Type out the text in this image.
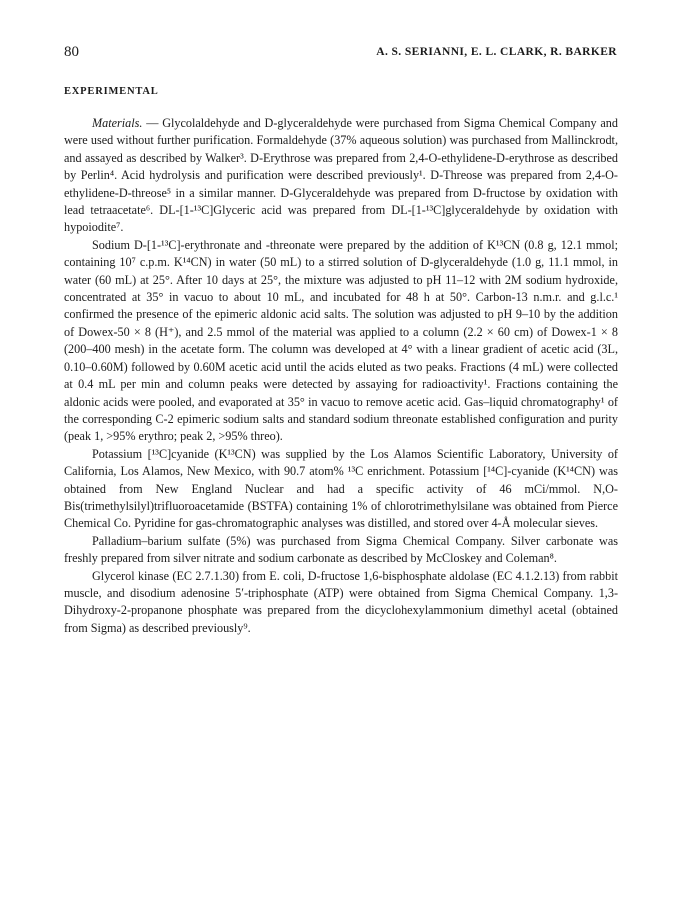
80	A. S. SERIANNI, E. L. CLARK, R. BARKER
EXPERIMENTAL

Materials. — Glycolaldehyde and D-glyceraldehyde were purchased from Sigma Chemical Company and were used without further purification. Formaldehyde (37% aqueous solution) was purchased from Mallinckrodt, and assayed as described by Walker³. D-Erythrose was prepared from 2,4-O-ethylidene-D-erythrose as described by Perlin⁴. Acid hydrolysis and purification were described previously¹. D-Threose was prepared from 2,4-O-ethylidene-D-threose⁵ in a similar manner. D-Glyceraldehyde was prepared from D-fructose by oxidation with lead tetraacetate⁶. DL-[1-¹³C]Glyceric acid was prepared from DL-[1-¹³C]glyceraldehyde by oxidation with hypoiodite⁷.

Sodium D-[1-¹³C]-erythronate and -threonate were prepared by the addition of K¹³CN (0.8 g, 12.1 mmol; containing 10⁷ c.p.m. K¹⁴CN) in water (50 mL) to a stirred solution of D-glyceraldehyde (1.0 g, 11.1 mmol, in water (60 mL) at 25°. After 10 days at 25°, the mixture was adjusted to pH 11–12 with 2M sodium hydroxide, concentrated at 35° in vacuo to about 10 mL, and incubated for 48 h at 50°. Carbon-13 n.m.r. and g.l.c.¹ confirmed the presence of the epimeric aldonic acid salts. The solution was adjusted to pH 9–10 by the addition of Dowex-50 × 8 (H⁺), and 2.5 mmol of the material was applied to a column (2.2 × 60 cm) of Dowex-1 × 8 (200–400 mesh) in the acetate form. The column was developed at 4° with a linear gradient of acetic acid (3L, 0.10–0.60M) followed by 0.60M acetic acid until the acids eluted as two peaks. Fractions (4 mL) were collected at 0.4 mL per min and column peaks were detected by assaying for radioactivity¹. Fractions containing the aldonic acids were pooled, and evaporated at 35° in vacuo to remove acetic acid. Gas–liquid chromatography¹ of the corresponding C-2 epimeric sodium salts and standard sodium threonate established configuration and purity (peak 1, >95% erythro; peak 2, >95% threo).

Potassium [¹³C]cyanide (K¹³CN) was supplied by the Los Alamos Scientific Laboratory, University of California, Los Alamos, New Mexico, with 90.7 atom% ¹³C enrichment. Potassium [¹⁴C]-cyanide (K¹⁴CN) was obtained from New England Nuclear and had a specific activity of 46 mCi/mmol. N,O-Bis(trimethylsilyl)trifluoroacetamide (BSTFA) containing 1% of chlorotrimethylsilane was obtained from Pierce Chemical Co. Pyridine for gas-chromatographic analyses was distilled, and stored over 4-Å molecular sieves.

Palladium–barium sulfate (5%) was purchased from Sigma Chemical Company. Silver carbonate was freshly prepared from silver nitrate and sodium carbonate as described by McCloskey and Coleman⁸.

Glycerol kinase (EC 2.7.1.30) from E. coli, D-fructose 1,6-bisphosphate aldolase (EC 4.1.2.13) from rabbit muscle, and disodium adenosine 5′-triphosphate (ATP) were obtained from Sigma Chemical Company. 1,3-Dihydroxy-2-propanone phosphate was prepared from the dicyclohexylammonium dimethyl acetal (obtained from Sigma) as described previously⁹.
